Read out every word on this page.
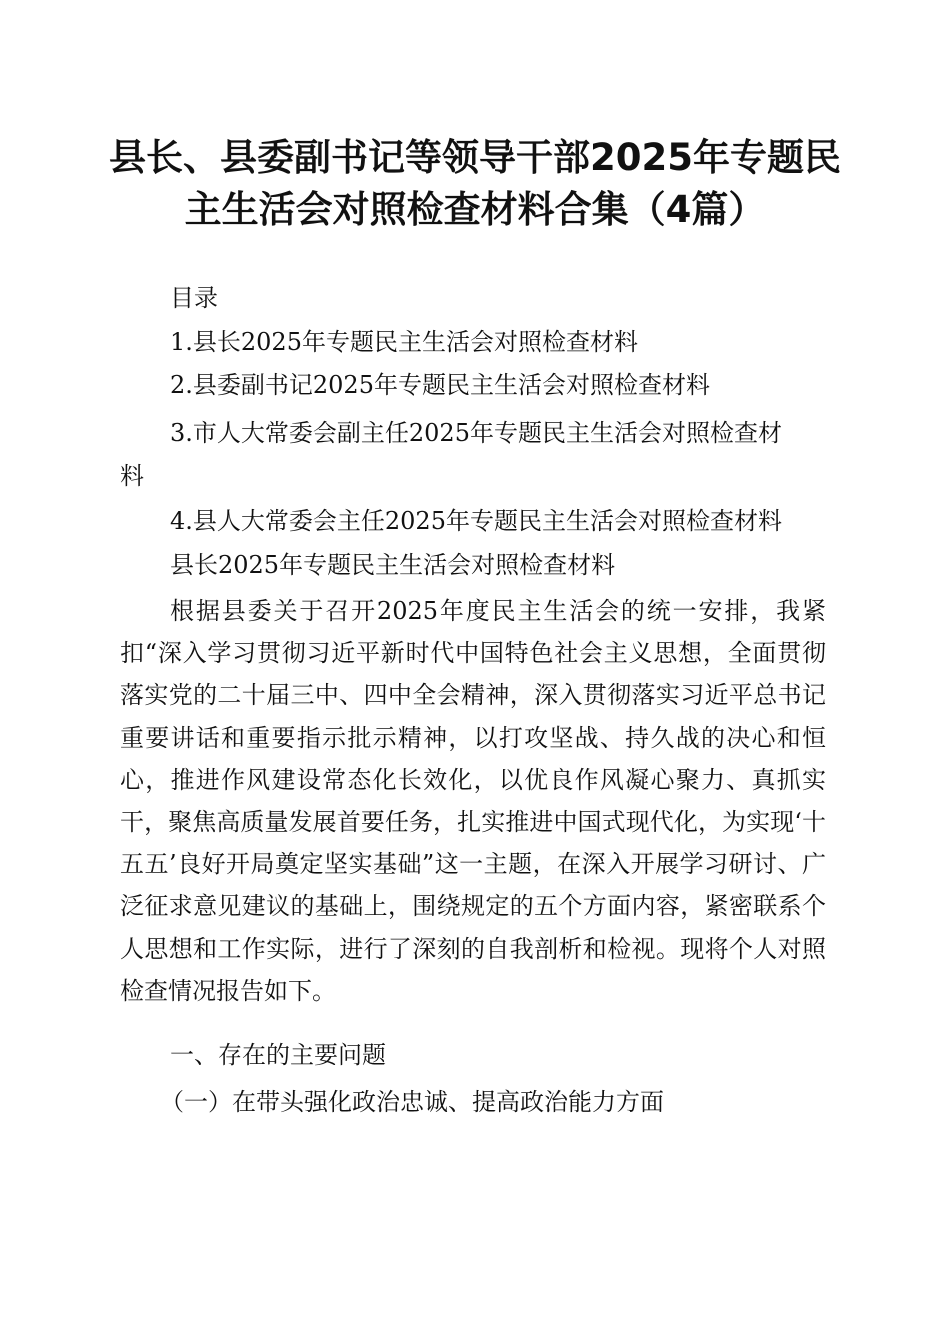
县长、县委副书记等领导干部2025年专题民
主生活会对照检查材料合集（4篇）

目录

1.县长2025年专题民主生活会对照检查材料

2.县委副书记2025年专题民主生活会对照检查材料

3.市人大常委会副主任2025年专题民主生活会对照检查材

料

4.县人大常委会主任2025年专题民主生活会对照检查材料

县长2025年专题民主生活会对照检查材料

根据县委关于召开2025年度民主生活会的统一安排，我紧扣“深入学习贯彻习近平新时代中国特色社会主义思想，全面贯彻落实党的二十届三中、四中全会精神，深入贯彻落实习近平总书记重要讲话和重要指示批示精神，以打攻坚战、持久战的决心和恒心，推进作风建设常态化长效化，以优良作风凝心聚力、真抓实干，聚焦高质量发展首要任务，扎实推进中国式现代化，为实现‘十五五’良好开局奠定坚实基础”这一主题，在深入开展学习研讨、广泛征求意见建议的基础上，围绕规定的五个方面内容，紧密联系个人思想和工作实际，进行了深刻的自我剖析和检视。现将个人对照检查情况报告如下。

一、存在的主要问题

（一）在带头强化政治忠诚、提高政治能力方面
